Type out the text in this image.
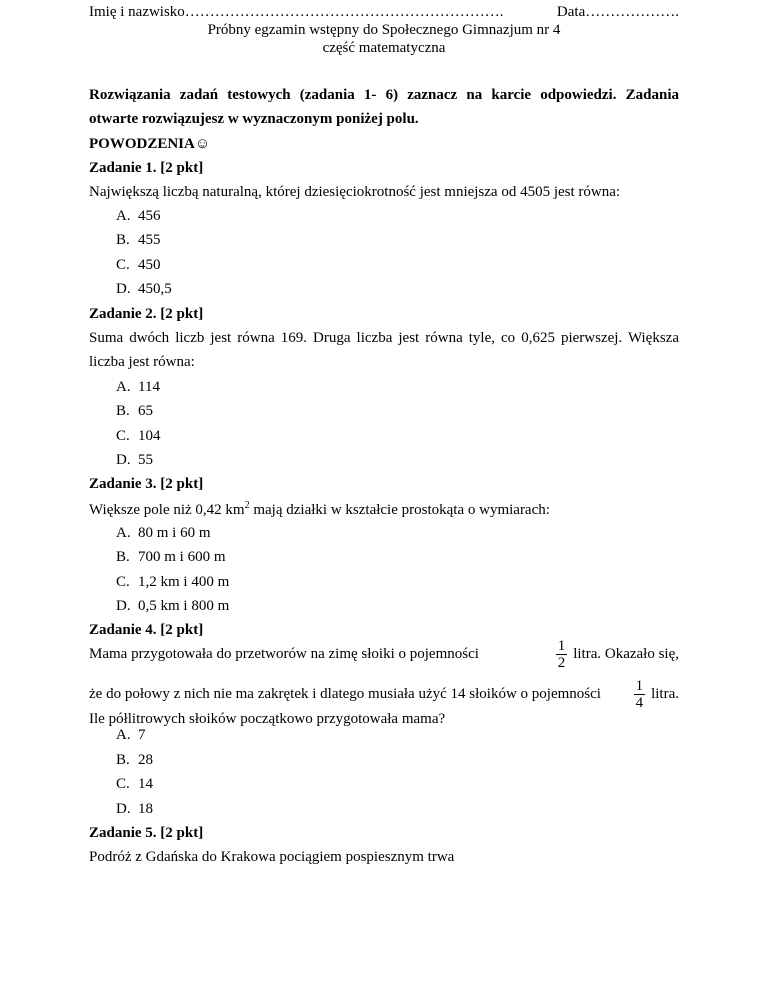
Imię i nazwisko……………………………………………………….	Data……………….
Próbny egzamin wstępny do Społecznego Gimnazjum nr 4
część matematyczna
Rozwiązania zadań testowych (zadania 1- 6) zaznacz na karcie odpowiedzi. Zadania
otwarte rozwiązujesz w wyznaczonym poniżej polu.
POWODZENIA☺
Zadanie 1. [2 pkt]
Największą liczbą naturalną, której dziesięciokrotność jest mniejsza od 4505 jest równa:
A. 456
B. 455
C. 450
D. 450,5
Zadanie 2. [2 pkt]
Suma dwóch liczb jest równa 169. Druga liczba jest równa tyle, co 0,625 pierwszej. Większa
liczba jest równa:
A. 114
B. 65
C. 104
D. 55
Zadanie 3. [2 pkt]
Większe pole niż 0,42 $km^2$ mają działki w kształcie prostokąta o wymiarach:
A. 80 m i 60 m
B. 700 m i 600 m
C. 1,2 km i 400 m
D. 0,5 km i 800 m
Zadanie 4. [2 pkt]
Mama przygotowała do przetworów na zimę słoiki o pojemności	$\frac{1}{2}$ litra. Okazało się,
że do połowy z nich nie ma zakrętek i dlatego musiała użyć 14 słoików o pojemności $\frac{1}{4}$ litra.
Ile półlitrowych słoików początkowo przygotowała mama?
A. 7
B. 28
C. 14
D. 18
Zadanie 5. [2 pkt]
Podróż z Gdańska do Krakowa pociągiem pospiesznym trwa
